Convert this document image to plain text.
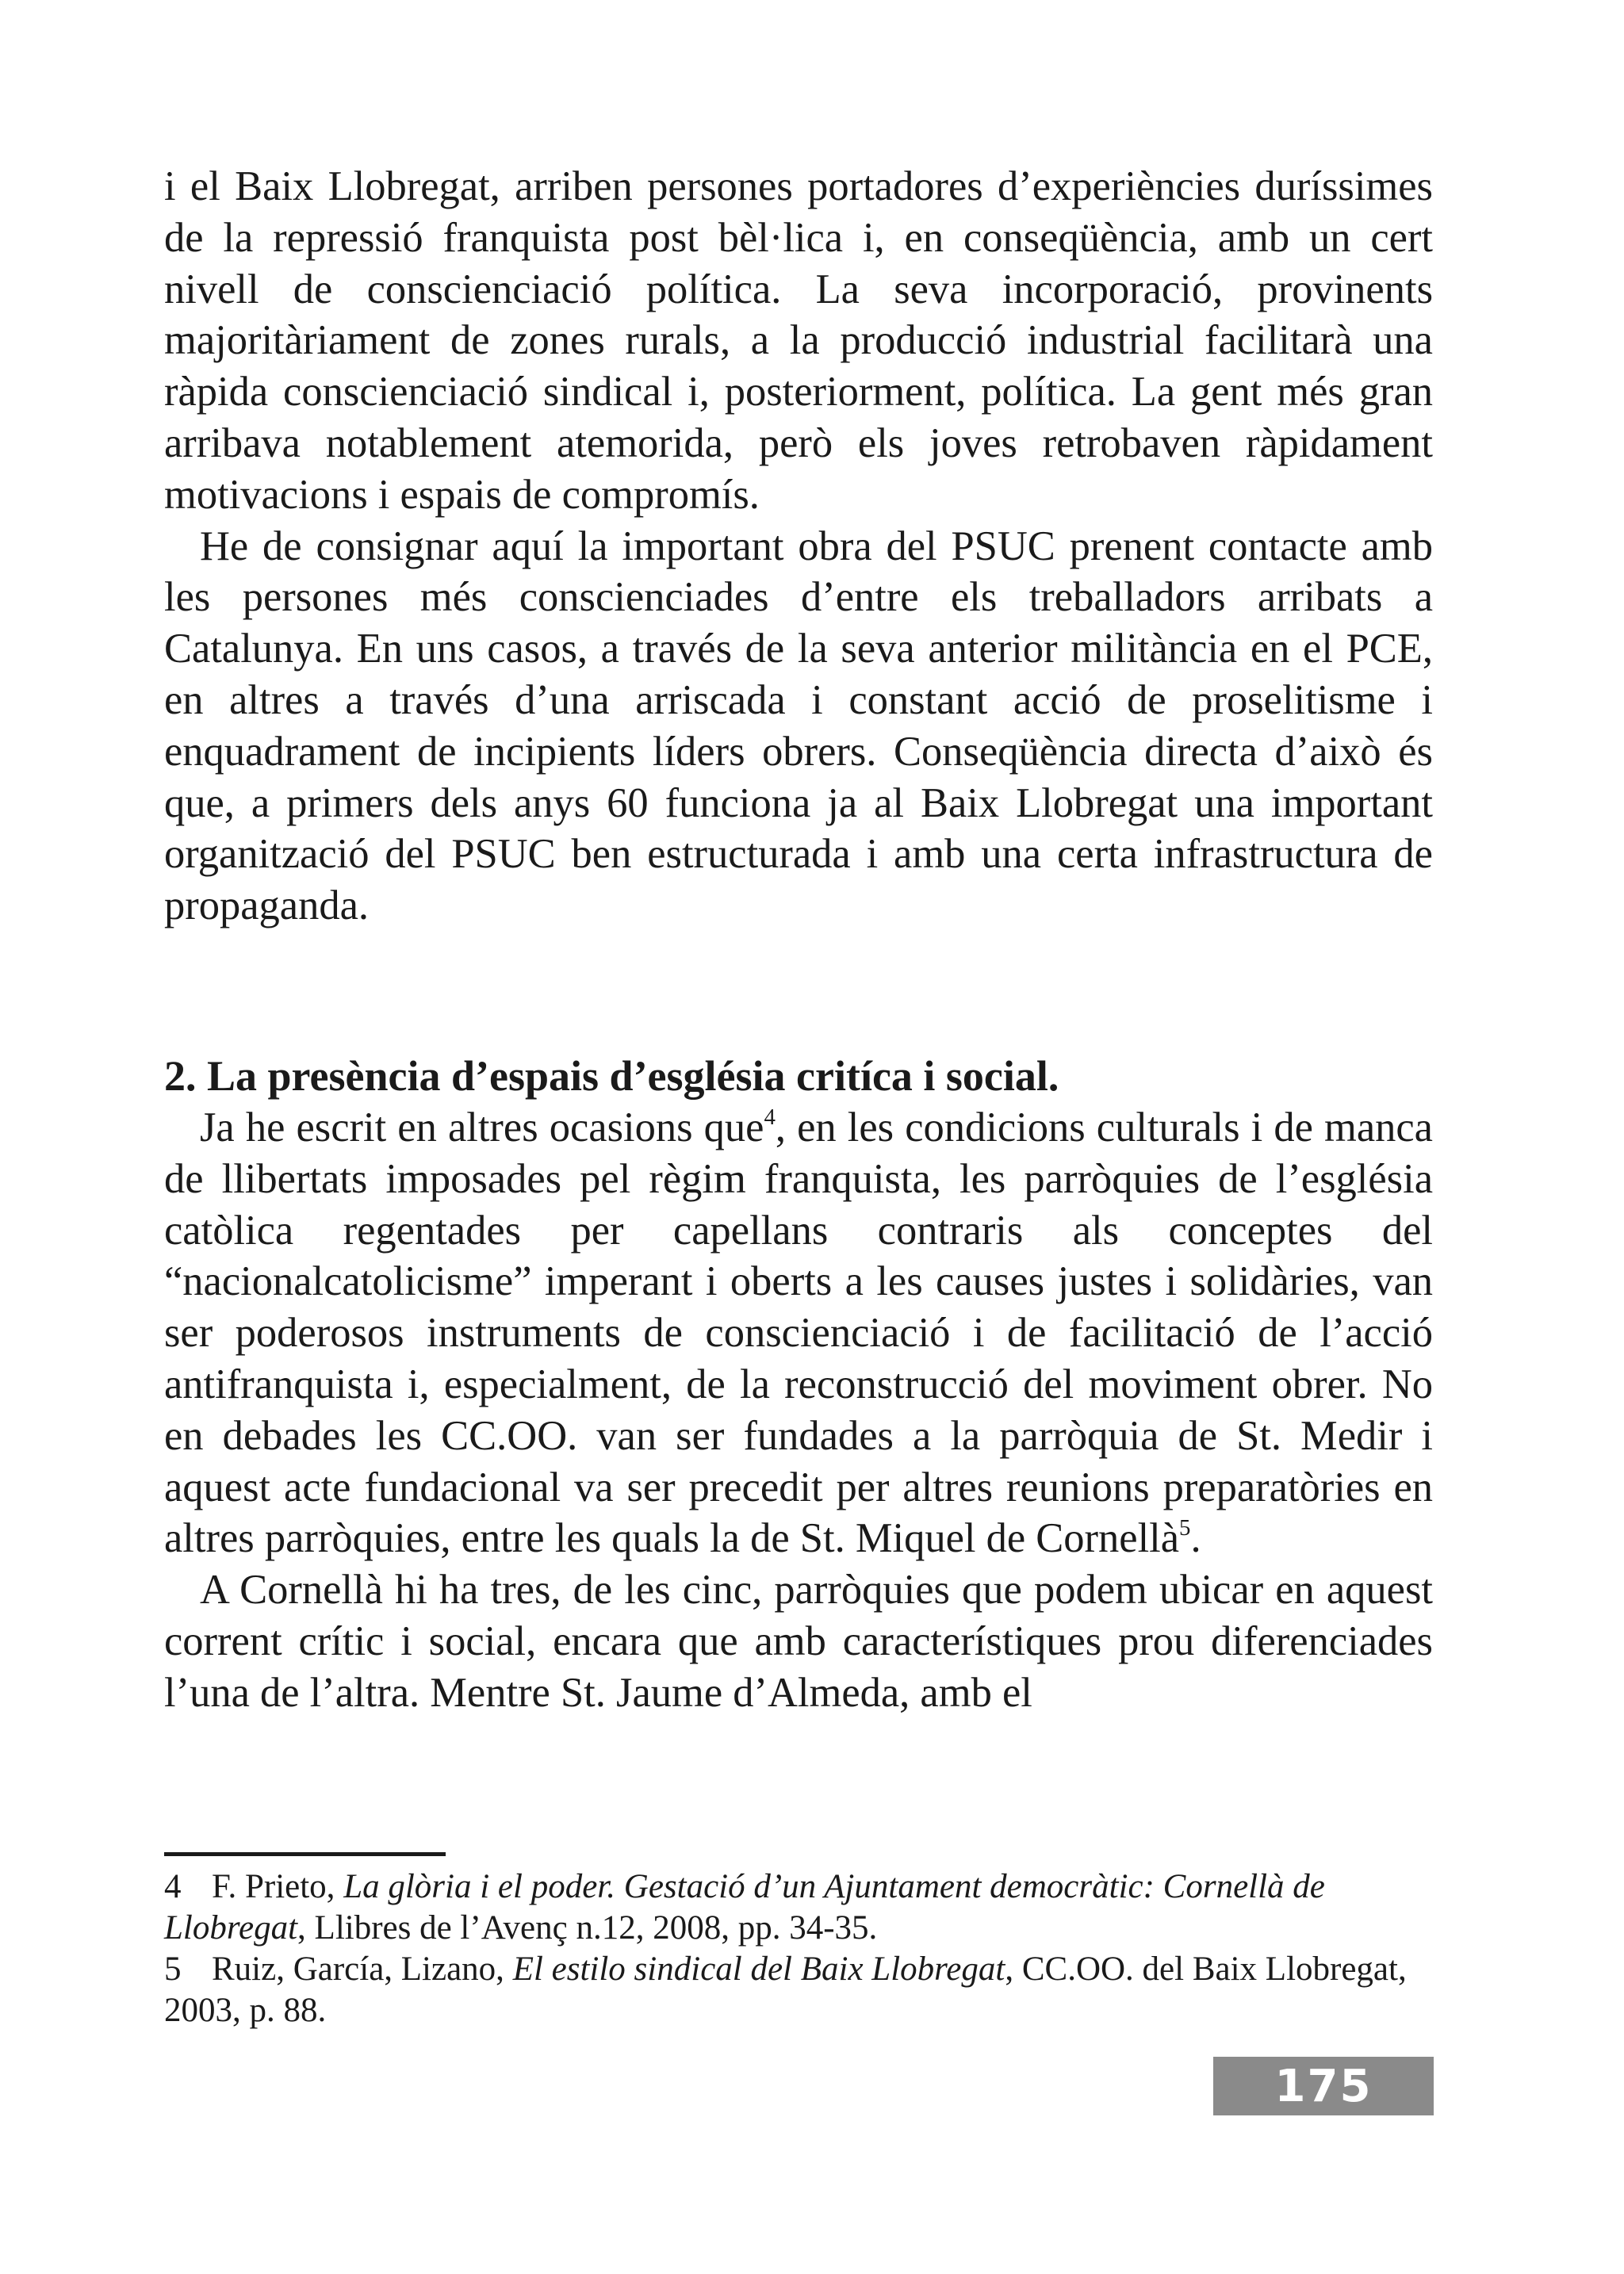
i el Baix Llobregat, arriben persones portadores d’experiències duríssimes de la repressió franquista post bèl·lica i, en conseqüència, amb un cert nivell de conscienciació política. La seva incorporació, provinents majoritàriament de zones rurals, a la producció industrial facilitarà una ràpida conscienciació sindical i, posteriorment, política. La gent més gran arribava notablement atemorida, però els joves retrobaven ràpidament motivacions i espais de compromís.

He de consignar aquí la important obra del PSUC prenent contacte amb les persones més conscienciades d’entre els treballadors arribats a Catalunya. En uns casos, a través de la seva anterior militància en el PCE, en altres a través d’una arriscada i constant acció de proselitisme i enquadrament de incipients líders obrers. Conseqüència directa d’això és que, a primers dels anys 60 funciona ja al Baix Llobregat una important organització del PSUC ben estructurada i amb una certa infrastructura de propaganda.

2. La presència d’espais d’església critíca i social.

Ja he escrit en altres ocasions que$^4$, en les condicions culturals i de manca de llibertats imposades pel règim franquista, les parròquies de l’església catòlica regentades per capellans contraris als conceptes del “nacionalcatolicisme” imperant i oberts a les causes justes i solidàries, van ser poderosos instruments de conscienciació i de facilitació de l’acció antifranquista i, especialment, de la reconstrucció del moviment obrer. No en debades les CC.OO. van ser fundades a la parròquia de St. Medir i aquest acte fundacional va ser precedit per altres reunions preparatòries en altres parròquies, entre les quals la de St. Miquel de Cornellà$^5$.

A Cornellà hi ha tres, de les cinc, parròquies que podem ubicar en aquest corrent crític i social, encara que amb característiques prou diferenciades l’una de l’altra. Mentre St. Jaume d’Almeda, amb el

4 F. Prieto, La glòria i el poder. Gestació d’un Ajuntament democràtic: Cornellà de Llobregat, Llibres de l’Avenç n.12, 2008, pp. 34-35.

5 Ruiz, García, Lizano, El estilo sindical del Baix Llobregat, CC.OO. del Baix Llobregat, 2003, p. 88.

175
